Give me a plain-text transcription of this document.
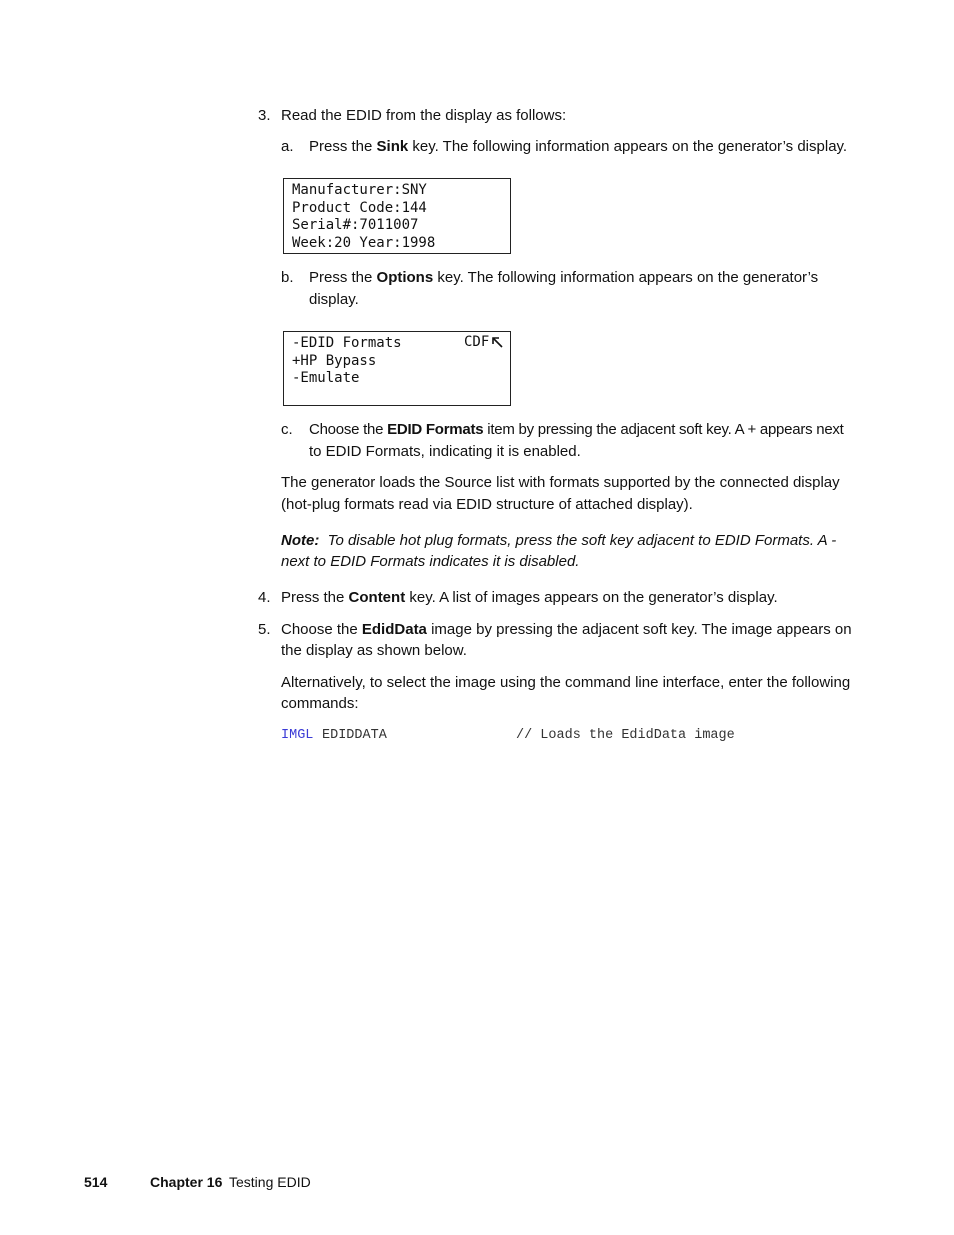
3. Read the EDID from the display as follows:
a. Press the Sink key. The following information appears on the generator’s display.
Manufacturer:SNY
Product Code:144
Serial#:7011007
Week:20 Year:1998
b. Press the Options key. The following information appears on the generator’s
display.
-EDID Formats
+HP Bypass
-Emulate
CDF
c. Choose the EDID Formats item by pressing the adjacent soft key. A + appears next
to EDID Formats, indicating it is enabled.
The generator loads the Source list with formats supported by the connected display
(hot-plug formats read via EDID structure of attached display).
Note: To disable hot plug formats, press the soft key adjacent to EDID Formats. A -
next to EDID Formats indicates it is disabled.
4. Press the Content key. A list of images appears on the generator’s display.
5. Choose the EdidData image by pressing the adjacent soft key. The image appears on
the display as shown below.
Alternatively, to select the image using the command line interface, enter the following
commands:
IMGL EDIDDATA	// Loads the EdidData image
514	Chapter 16 Testing EDID
